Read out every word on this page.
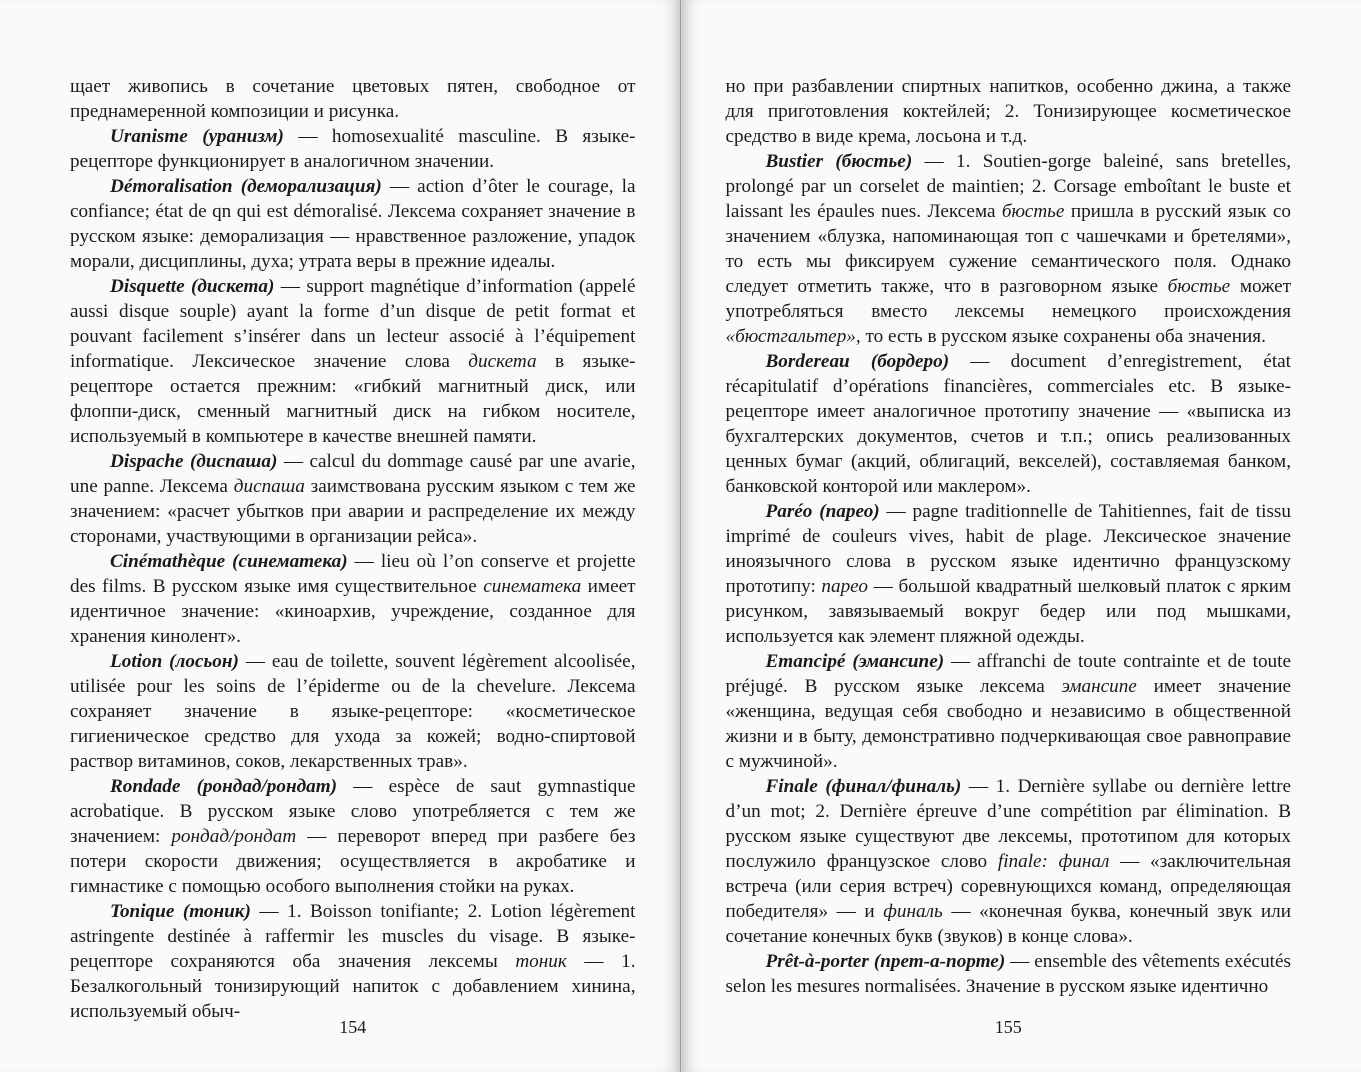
щает живопись в сочетание цветовых пятен, свободное от преднамеренной композиции и рисунка.

Uranisme (уранизм) — homosexualité masculine. В языке-рецепторе функционирует в аналогичном значении.

Démoralisation (деморализация) — action d’ôter le courage, la confiance; état de qn qui est démoralisé. Лексема сохраняет значение в русском языке: деморализация — нравственное разложение, упадок морали, дисциплины, духа; утрата веры в прежние идеалы.

Disquette (дискета) — support magnétique d’information (appelé aussi disque souple) ayant la forme d’un disque de petit format et pouvant facilement s’insérer dans un lecteur associé à l’équipement informatique. Лексическое значение слова дискета в языке-рецепторе остается прежним: «гибкий магнитный диск, или флоппи-диск, сменный магнитный диск на гибком носителе, используемый в компьютере в качестве внешней памяти.

Dispache (диспаша) — calcul du dommage causé par une avarie, une panne. Лексема диспаша заимствована русским языком с тем же значением: «расчет убытков при аварии и распределение их между сторонами, участвующими в организации рейса».

Cinémathèque (синематека) — lieu où l’on conserve et projette des films. В русском языке имя существительное синематека имеет идентичное значение: «киноархив, учреждение, созданное для хранения кинолент».

Lotion (лосьон) — eau de toilette, souvent légèrement alcoolisée, utilisée pour les soins de l’épiderme ou de la chevelure. Лексема сохраняет значение в языке-рецепторе: «косметическое гигиеническое средство для ухода за кожей; водно-спиртовой раствор витаминов, соков, лекарственных трав».

Rondade (рондад/рондат) — espèce de saut gymnastique acrobatique. В русском языке слово употребляется с тем же значением: рондад/рондат — переворот вперед при разбеге без потери скорости движения; осуществляется в акробатике и гимнастике с помощью особого выполнения стойки на руках.

Tonique (тоник) — 1. Boisson tonifiante; 2. Lotion légèrement astringente destinée à raffermir les muscles du visage. В языке-рецепторе сохраняются оба значения лексемы тоник — 1. Безалкогольный тонизирующий напиток с добавлением хинина, используемый обыч-

154

но при разбавлении спиртных напитков, особенно джина, а также для приготовления коктейлей; 2. Тонизирующее косметическое средство в виде крема, лосьона и т.д.

Bustier (бюстье) — 1. Soutien-gorge baleiné, sans bretelles, prolongé par un corselet de maintien; 2. Corsage emboîtant le buste et laissant les épaules nues. Лексема бюстье пришла в русский язык со значением «блузка, напоминающая топ с чашечками и бретелями», то есть мы фиксируем сужение семантического поля. Однако следует отметить также, что в разговорном языке бюстье может употребляться вместо лексемы немецкого происхождения «бюстгальтер», то есть в русском языке сохранены оба значения.

Bordereau (бордеро) — document d’enregistrement, état récapitulatif d’opérations financières, commerciales etc. В языке-рецепторе имеет аналогичное прототипу значение — «выписка из бухгалтерских документов, счетов и т.п.; опись реализованных ценных бумаг (акций, облигаций, векселей), составляемая банком, банковской конторой или маклером».

Paréo (парео) — pagne traditionnelle de Tahitiennes, fait de tissu imprimé de couleurs vives, habit de plage. Лексическое значение иноязычного слова в русском языке идентично французскому прототипу: парео — большой квадратный шелковый платок с ярким рисунком, завязываемый вокруг бедер или под мышками, используется как элемент пляжной одежды.

Emancipé (эмансипе) — affranchi de toute contrainte et de toute préjugé. В русском языке лексема эмансипе имеет значение «женщина, ведущая себя свободно и независимо в общественной жизни и в быту, демонстративно подчеркивающая свое равноправие с мужчиной».

Finale (финал/финаль) — 1. Dernière syllabe ou dernière lettre d’un mot; 2. Dernière épreuve d’une compétition par élimination. В русском языке существуют две лексемы, прототипом для которых послужило французское слово finale: финал — «заключительная встреча (или серия встреч) соревнующихся команд, определяющая победителя» — и финаль — «конечная буква, конечный звук или сочетание конечных букв (звуков) в конце слова».

Prêt-à-porter (прет-а-порте) — ensemble des vêtements exécutés selon les mesures normalisées. Значение в русском языке идентично

155
